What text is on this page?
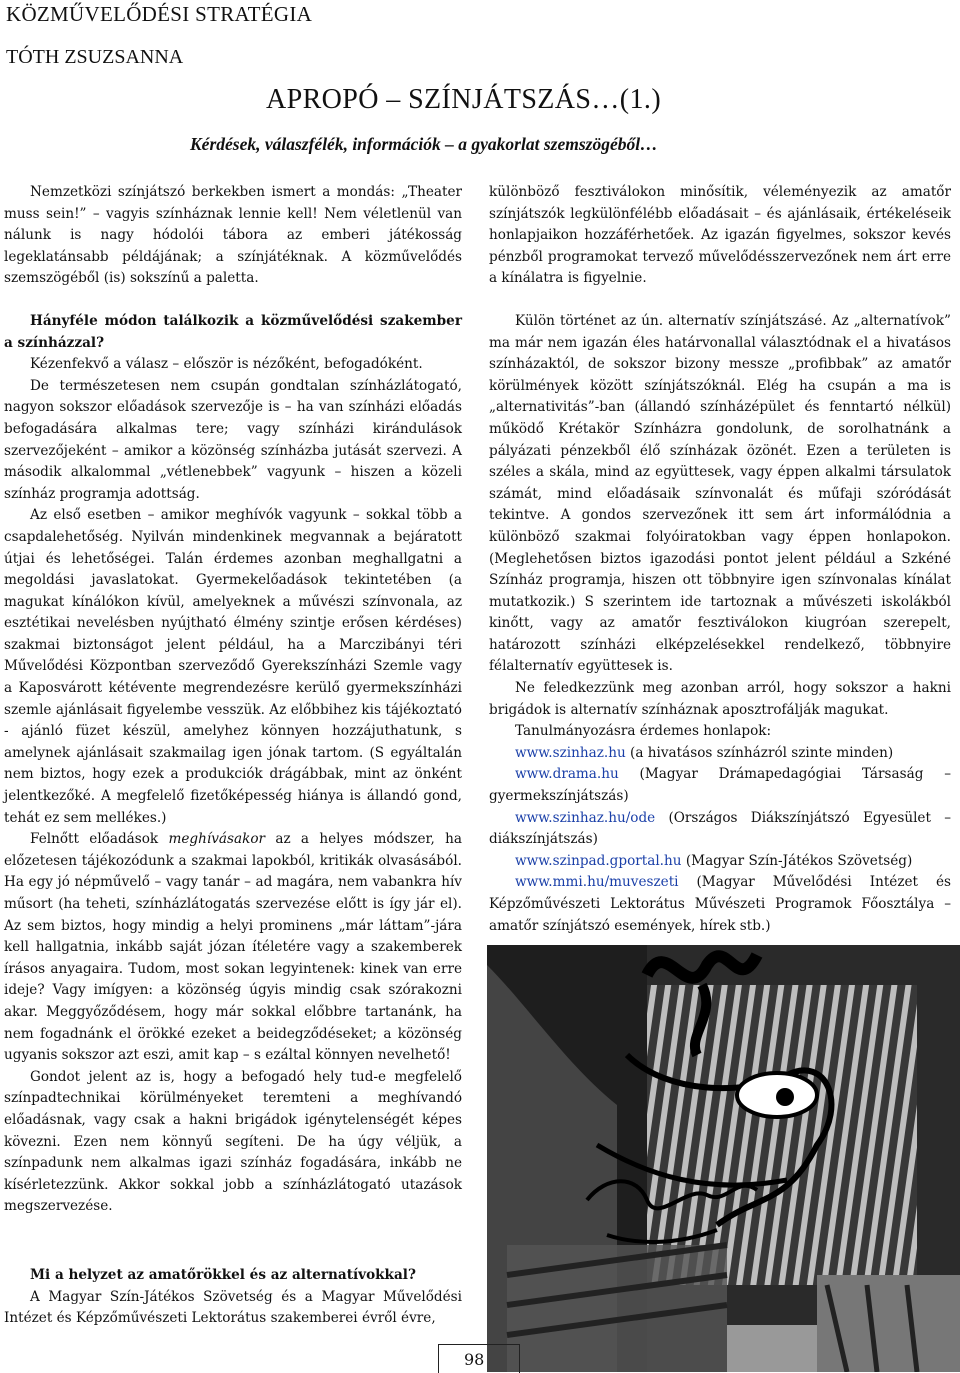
KÖZMŰVELŐDÉSI STRATÉGIA
TÓTH ZSUZSANNA
APROPÓ – SZÍNJÁTSZÁS…(1.)
Kérdések, válaszfélék, információk – a gyakorlat szemszögéből…

Nemzetközi színjátszó berkekben ismert a mondás: „Theater muss sein!” – vagyis színháznak lennie kell! Nem véletlenül van nálunk is nagy hódolói tábora az emberi játékosság legeklatánsabb példájának; a színjátéknak. A közművelődés szemszögéből (is) sokszínű a paletta.

Hányféle módon találkozik a közművelődési szakember a színházzal?

Kézenfekvő a válasz – először is nézőként, befogadóként.

De természetesen nem csupán gondtalan színházlátogató, nagyon sokszor előadások szervezője is – ha van színházi előadás befogadására alkalmas tere; vagy színházi kirándulások szervezőjeként – amikor a közönség színházba jutását szervezi. A második alkalommal „vétlenebbek” vagyunk – hiszen a közeli színház programja adottság.

Az első esetben – amikor meghívók vagyunk – sokkal több a csapdalehetőség. Nyilván mindenkinek megvannak a bejáratott útjai és lehetőségei. Talán érdemes azonban meghallgatni a megoldási javaslatokat. Gyermekelőadások tekintetében (a magukat kínálókon kívül, amelyeknek a művészi színvonala, az esztétikai nevelésben nyújtható élmény szintje erősen kérdéses) szakmai biztonságot jelent például, ha a Marczibányi téri Művelődési Központban szerveződő Gyerekszínházi Szemle vagy a Kaposvárott kétévente megrendezésre kerülő gyermekszínházi szemle ajánlásait figyelembe vesszük. Az előbbihez kis tájékoztató - ajánló füzet készül, amelyhez könnyen hozzájuthatunk, s amelynek ajánlásait szakmailag igen jónak tartom. (S egyáltalán nem biztos, hogy ezek a produkciók drágábbak, mint az önként jelentkezőké. A megfelelő fizetőképesség hiánya is állandó gond, tehát ez sem mellékes.)

Felnőtt előadások meghívásakor az a helyes módszer, ha előzetesen tájékozódunk a szakmai lapokból, kritikák olvasásából. Ha egy jó népművelő – vagy tanár – ad magára, nem vabankra hív műsort (ha teheti, színházlátogatás szervezése előtt is így jár el). Az sem biztos, hogy mindig a helyi prominens „már láttam”-jára kell hallgatnia, inkább saját józan ítéletére vagy a szakemberek írásos anyagaira. Tudom, most sokan legyintenek: kinek van erre ideje? Vagy imígyen: a közönség úgyis mindig csak szórakozni akar. Meggyőződésem, hogy már sokkal előbbre tartanánk, ha nem fogadnánk el örökké ezeket a beidegződéseket; a közönség ugyanis sokszor azt eszi, amit kap – s ezáltal könnyen nevelhető!

Gondot jelent az is, hogy a befogadó hely tud-e megfelelő színpadtechnikai körülményeket teremteni a meghívandó előadásnak, vagy csak a hakni brigádok igénytelenségét képes kövezni. Ezen nem könnyű segíteni. De ha úgy véljük, a színpadunk nem alkalmas igazi színház fogadására, inkább ne kísérletezzünk. Akkor sokkal jobb a színházlátogató utazások megszervezése.

Mi a helyzet az amatőrökkel és az alternatívokkal?

A Magyar Szín-Játékos Szövetség és a Magyar Művelődési Intézet és Képzőművészeti Lektorátus szakemberei évről évre,

különböző fesztiválokon minősítik, véleményezik az amatőr színjátszók legkülönfélébb előadásait – és ajánlásaik, értékeléseik honlapjaikon hozzáférhetőek. Az igazán figyelmes, sokszor kevés pénzből programokat tervező művelődésszervezőnek nem árt erre a kínálatra is figyelnie.

Külön történet az ún. alternatív színjátszásé. Az „alternatívok” ma már nem igazán éles határvonallal választódnak el a hivatásos színházaktól, de sokszor bizony messze „profibbak” az amatőr körülmények között színjátszóknál. Elég ha csupán a ma is „alternativitás”-ban (állandó színházépület és fenntartó nélkül) működő Krétakör Színházra gondolunk, de sorolhatnánk a pályázati pénzekből élő színházak özönét. Ezen a területen is széles a skála, mind az együttesek, vagy éppen alkalmi társulatok számát, mind előadásaik színvonalát és műfaji szóródását tekintve. A gondos szervezőnek itt sem árt informálódnia a különböző szakmai folyóiratokban vagy éppen honlapokon. (Meglehetősen biztos igazodási pontot jelent például a Szkéné Színház programja, hiszen ott többnyire igen színvonalas kínálat mutatkozik.) S szerintem ide tartoznak a művészeti iskolákból kinőtt, vagy az amatőr fesztiválokon kiugróan szerepelt, határozott színházi elképzelésekkel rendelkező, többnyire félalternatív együttesek is.

Ne feledkezzünk meg azonban arról, hogy sokszor a hakni brigádok is alternatív színháznak aposztrofálják magukat.

Tanulmányozásra érdemes honlapok:

www.szinhaz.hu (a hivatásos színházról szinte minden)

www.drama.hu (Magyar Drámapedagógiai Társaság – gyermekszínjátszás)

www.szinhaz.hu/ode (Országos Diákszínjátszó Egyesület – diákszínjátszás)

www.szinpad.gportal.hu (Magyar Szín-Játékos Szövetség)

www.mmi.hu/muveszeti (Magyar Művelődési Intézet és Képzőművészeti Lektorátus Művészeti Programok Főosztálya – amatőr színjátszó események, hírek stb.)

98
